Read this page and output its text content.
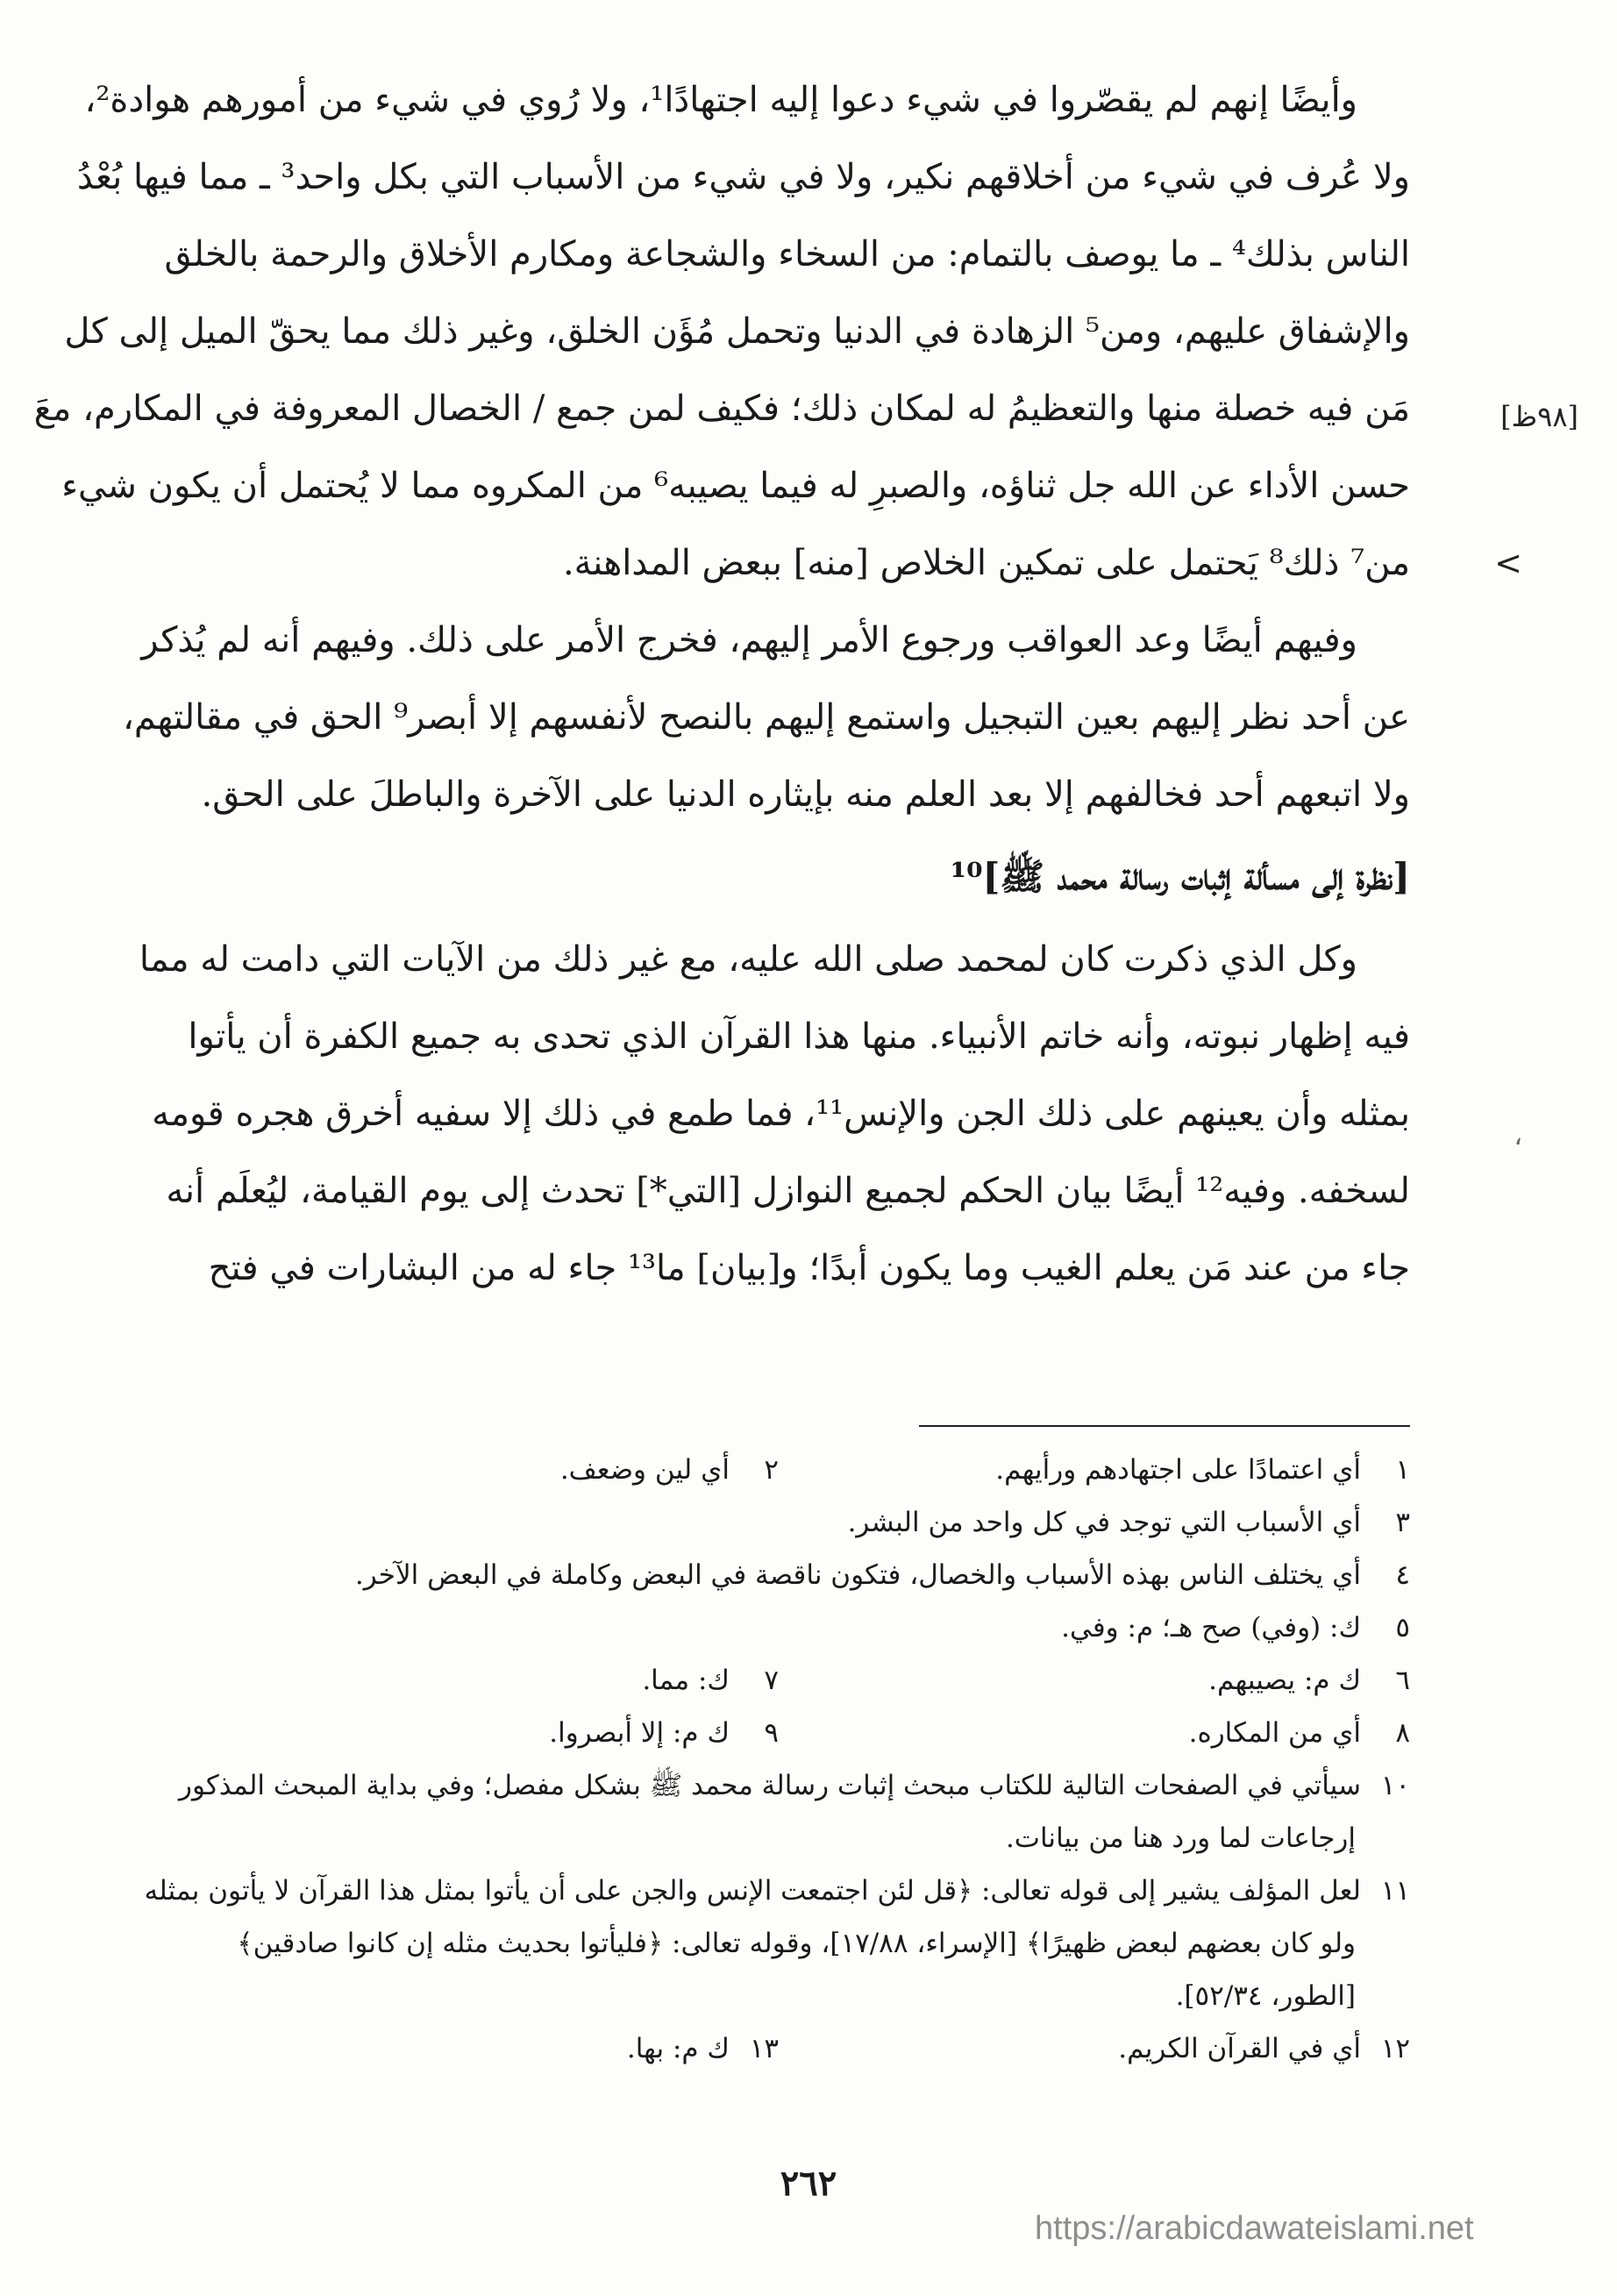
وأيضًا إنهم لم يقصّروا في شيء دعوا إليه اجتهادًا¹، ولا رُوي في شيء من أمورهم هوادة²،
ولا عُرف في شيء من أخلاقهم نكير، ولا في شيء من الأسباب التي بكل واحد³ ـ مما فيها بُعْدُ
الناس بذلك⁴ ـ ما يوصف بالتمام: من السخاء والشجاعة ومكارم الأخلاق والرحمة بالخلق
والإشفاق عليهم، ومن⁵ الزهادة في الدنيا وتحمل مُؤَن الخلق، وغير ذلك مما يحقّ الميل إلى كل
مَن فيه خصلة منها والتعظيمُ له لمكان ذلك؛ فكيف لمن جمع / الخصال المعروفة في المكارم، معَ
حسن الأداء عن الله جل ثناؤه، والصبرِ له فيما يصيبه⁶ من المكروه مما لا يُحتمل أن يكون شيء
من⁷ ذلك⁸ يَحتمل على تمكين الخلاص [منه] ببعض المداهنة.
وفيهم أيضًا وعد العواقب ورجوع الأمر إليهم، فخرج الأمر على ذلك. وفيهم أنه لم يُذكر
عن أحد نظر إليهم بعين التبجيل واستمع إليهم بالنصح لأنفسهم إلا أبصر⁹ الحق في مقالتهم،
ولا اتبعهم أحد فخالفهم إلا بعد العلم منه بإيثاره الدنيا على الآخرة والباطلَ على الحق.
[نظرة إلى مسألة إثبات رسالة محمد ﷺ]¹⁰
وكل الذي ذكرت كان لمحمد صلى الله عليه، مع غير ذلك من الآيات التي دامت له مما
فيه إظهار نبوته، وأنه خاتم الأنبياء. منها هذا القرآن الذي تحدى به جميع الكفرة أن يأتوا
بمثله وأن يعينهم على ذلك الجن والإنس¹¹، فما طمع في ذلك إلا سفيه أخرق هجره قومه
لسخفه. وفيه¹² أيضًا بيان الحكم لجميع النوازل [التي*] تحدث إلى يوم القيامة، ليُعلَم أنه
جاء من عند مَن يعلم الغيب وما يكون أبدًا؛ و[بيان] ما¹³ جاء له من البشارات في فتح
[٩٨ظ]
‏>
،
١أي اعتمادًا على اجتهادهم ورأيهم.
٢أي لين وضعف.
٣أي الأسباب التي توجد في كل واحد من البشر.
٤أي يختلف الناس بهذه الأسباب والخصال، فتكون ناقصة في البعض وكاملة في البعض الآخر.
٥ك: (وفي) صح هـ؛ م: وفي.
٦ك م: يصيبهم.
٧ك: مما.
٨أي من المكاره.
٩ك م: إلا أبصروا.
١٠سيأتي في الصفحات التالية للكتاب مبحث إثبات رسالة محمد ﷺ بشكل مفصل؛ وفي بداية المبحث المذكور
إرجاعات لما ورد هنا من بيانات.
١١لعل المؤلف يشير إلى قوله تعالى: ﴿قل لئن اجتمعت الإنس والجن على أن يأتوا بمثل هذا القرآن لا يأتون بمثله
ولو كان بعضهم لبعض ظهيرًا﴾ [الإسراء، ١٧/٨٨]، وقوله تعالى: ﴿فليأتوا بحديث مثله إن كانوا صادقين﴾
[الطور، ٥٢/٣٤].
١٢أي في القرآن الكريم.
١٣ك م: بها.
٢٦٢
https://arabicdawateislami.net
